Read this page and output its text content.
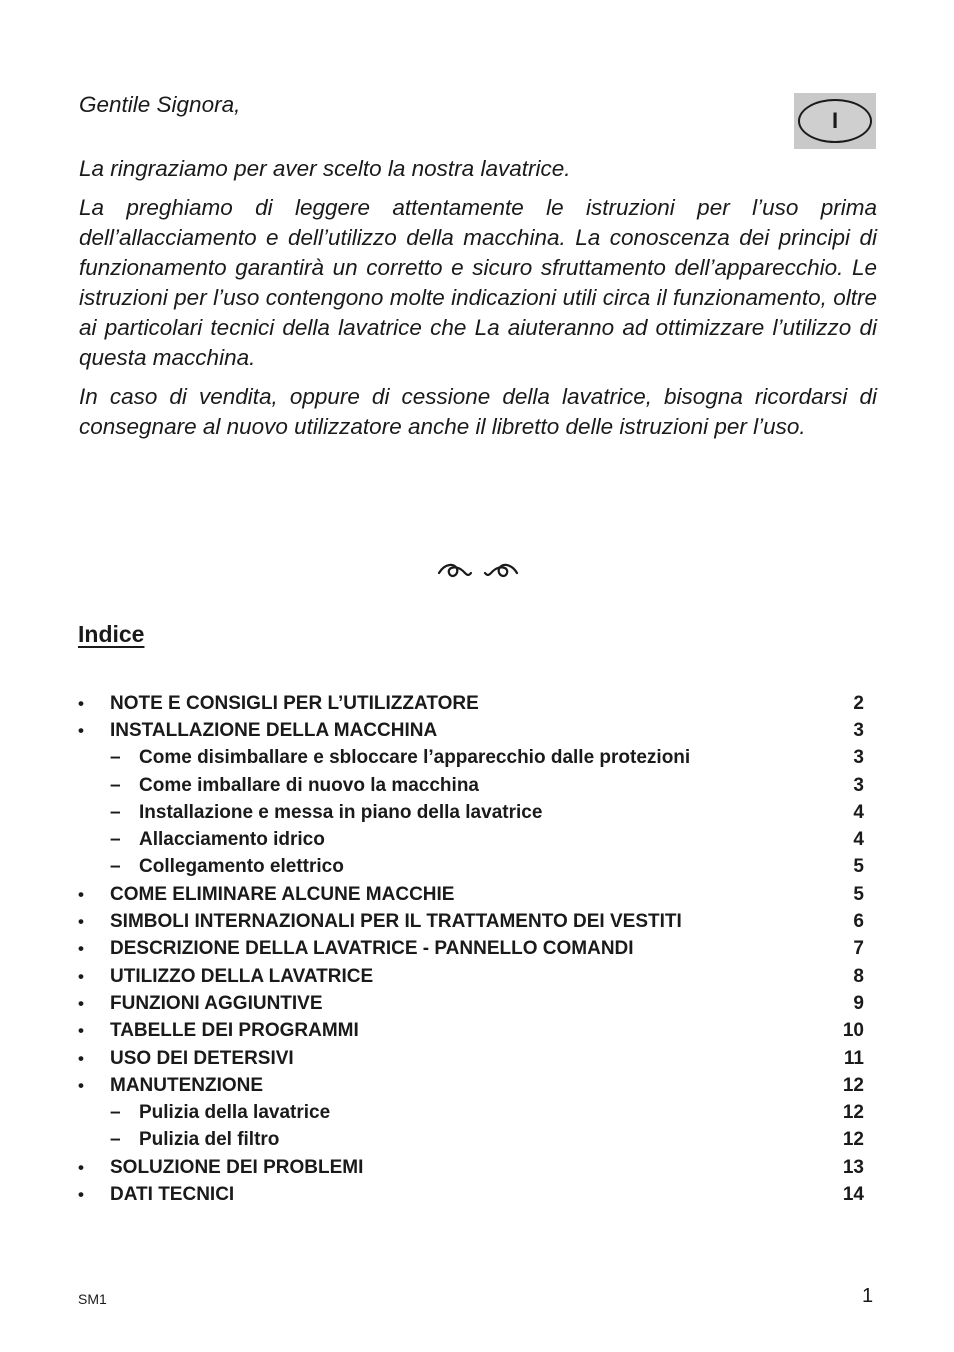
Gentile Signora,

La ringraziamo per aver scelto la nostra lavatrice.

La preghiamo di leggere attentamente le istruzioni per l’uso prima dell’allacciamento e dell’utilizzo della macchina. La conoscenza dei principi di funzionamento garantirà un corretto e sicuro sfruttamento dell’apparecchio. Le istruzioni per l’uso contengono molte indicazioni utili circa il funzionamento, oltre ai particolari tecnici della lavatrice che La aiuteranno ad ottimizzare l’utilizzo di questa macchina.

In caso di vendita, oppure di cessione della lavatrice, bisogna ricordarsi di consegnare al nuovo utilizzatore anche il libretto delle istruzioni per l’uso.

I
Indice
•	NOTE E CONSIGLI PER L’UTILIZZATORE	2
•	INSTALLAZIONE DELLA MACCHINA	3
– Come disimballare e sbloccare l’apparecchio dalle protezioni	3
– Come imballare di nuovo la macchina	3
– Installazione e messa in piano della lavatrice	4
– Allacciamento idrico	4
– Collegamento elettrico	5
•	COME ELIMINARE ALCUNE MACCHIE	5
•	SIMBOLI INTERNAZIONALI PER IL TRATTAMENTO DEI VESTITI	6
•	DESCRIZIONE DELLA LAVATRICE - PANNELLO COMANDI	7
•	UTILIZZO DELLA LAVATRICE	8
•	FUNZIONI AGGIUNTIVE	9
•	TABELLE DEI PROGRAMMI	10
•	USO DEI DETERSIVI	11
•	MANUTENZIONE	12
– Pulizia della lavatrice	12
– Pulizia del filtro	12
•	SOLUZIONE DEI PROBLEMI	13
•	DATI TECNICI	14
SM1	1
